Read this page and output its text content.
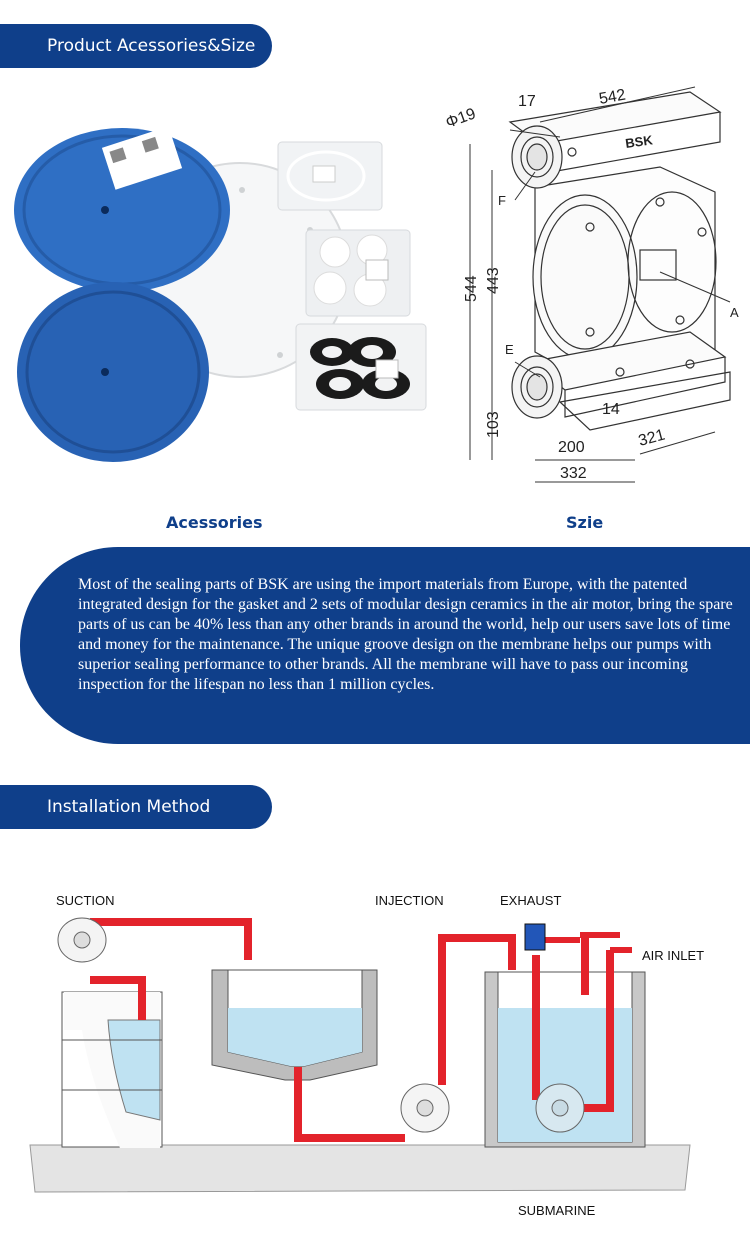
Product Acessories&Size
BSK
542
17
Φ19
544 443
103
200
332
321
14
F
E
A
Acessories	Szie
Most of the sealing parts of BSK are using the import materials from Europe, with the patented integrated design for the gasket and 2 sets of modular design ceramics in the air motor, bring the spare parts of us can be 40% less than any other brands in around the world, help our users save lots of time and money for the maintenance. The unique groove design on the membrane helps our pumps with superior sealing performance to other brands. All the membrane will have to pass our incoming inspection for the lifespan no less than 1 million cycles.
Installation Method
SUCTION	INJECTION	EXHAUST
AIR INLET
SUBMARINE
